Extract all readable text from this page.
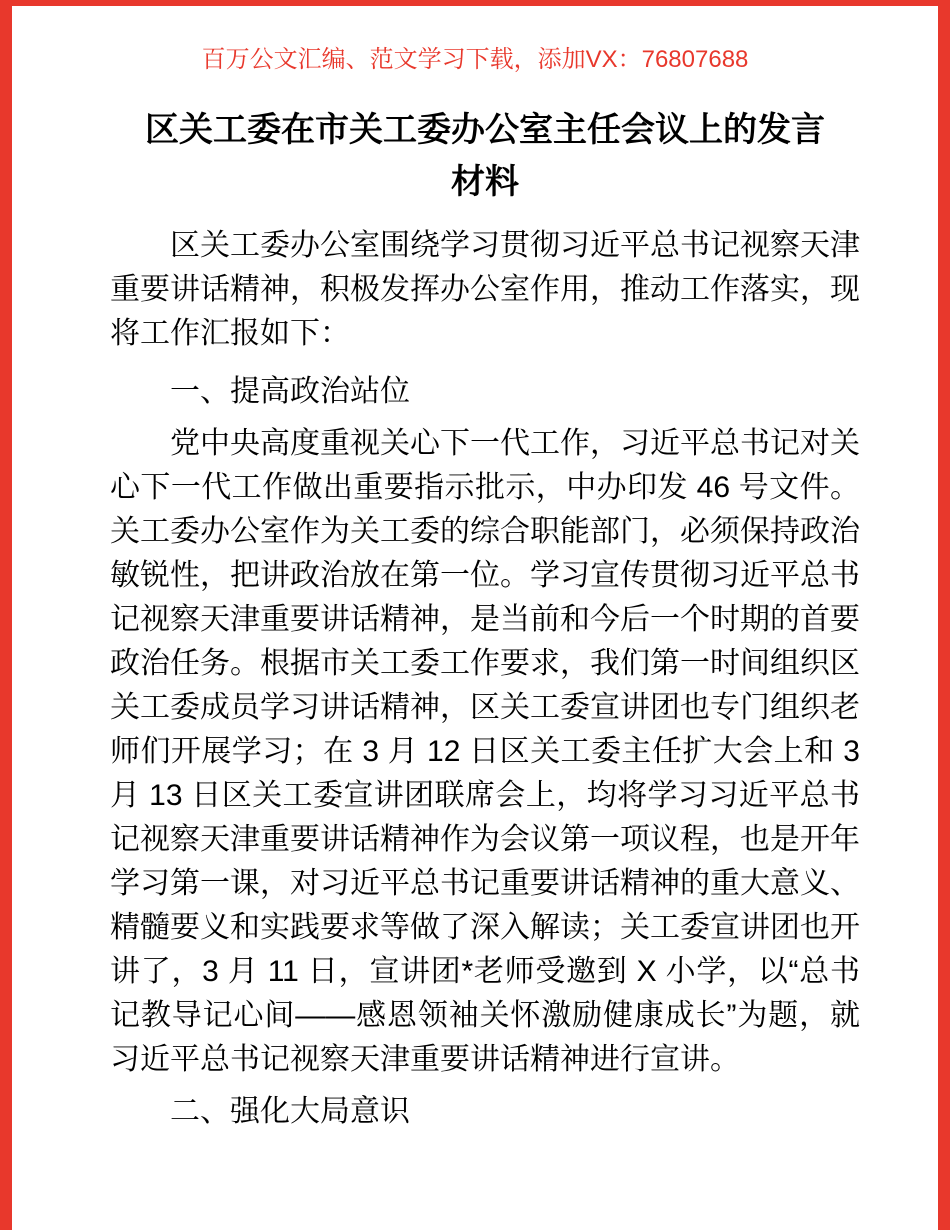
百万公文汇编、范文学习下载，添加VX：76807688
区关工委在市关工委办公室主任会议上的发言
材料

区关工委办公室围绕学习贯彻习近平总书记视察天津重要讲话精神，积极发挥办公室作用，推动工作落实，现将工作汇报如下：

一、提高政治站位

党中央高度重视关心下一代工作，习近平总书记对关心下一代工作做出重要指示批示，中办印发 46 号文件。关工委办公室作为关工委的综合职能部门，必须保持政治敏锐性，把讲政治放在第一位。学习宣传贯彻习近平总书记视察天津重要讲话精神，是当前和今后一个时期的首要政治任务。根据市关工委工作要求，我们第一时间组织区关工委成员学习讲话精神，区关工委宣讲团也专门组织老师们开展学习；在 3 月 12 日区关工委主任扩大会上和 3 月 13 日区关工委宣讲团联席会上，均将学习习近平总书记视察天津重要讲话精神作为会议第一项议程，也是开年学习第一课，对习近平总书记重要讲话精神的重大意义、精髓要义和实践要求等做了深入解读；关工委宣讲团也开讲了，3 月 11 日，宣讲团*老师受邀到 X 小学，以“总书记教导记心间——感恩领袖关怀激励健康成长”为题，就习近平总书记视察天津重要讲话精神进行宣讲。

二、强化大局意识
